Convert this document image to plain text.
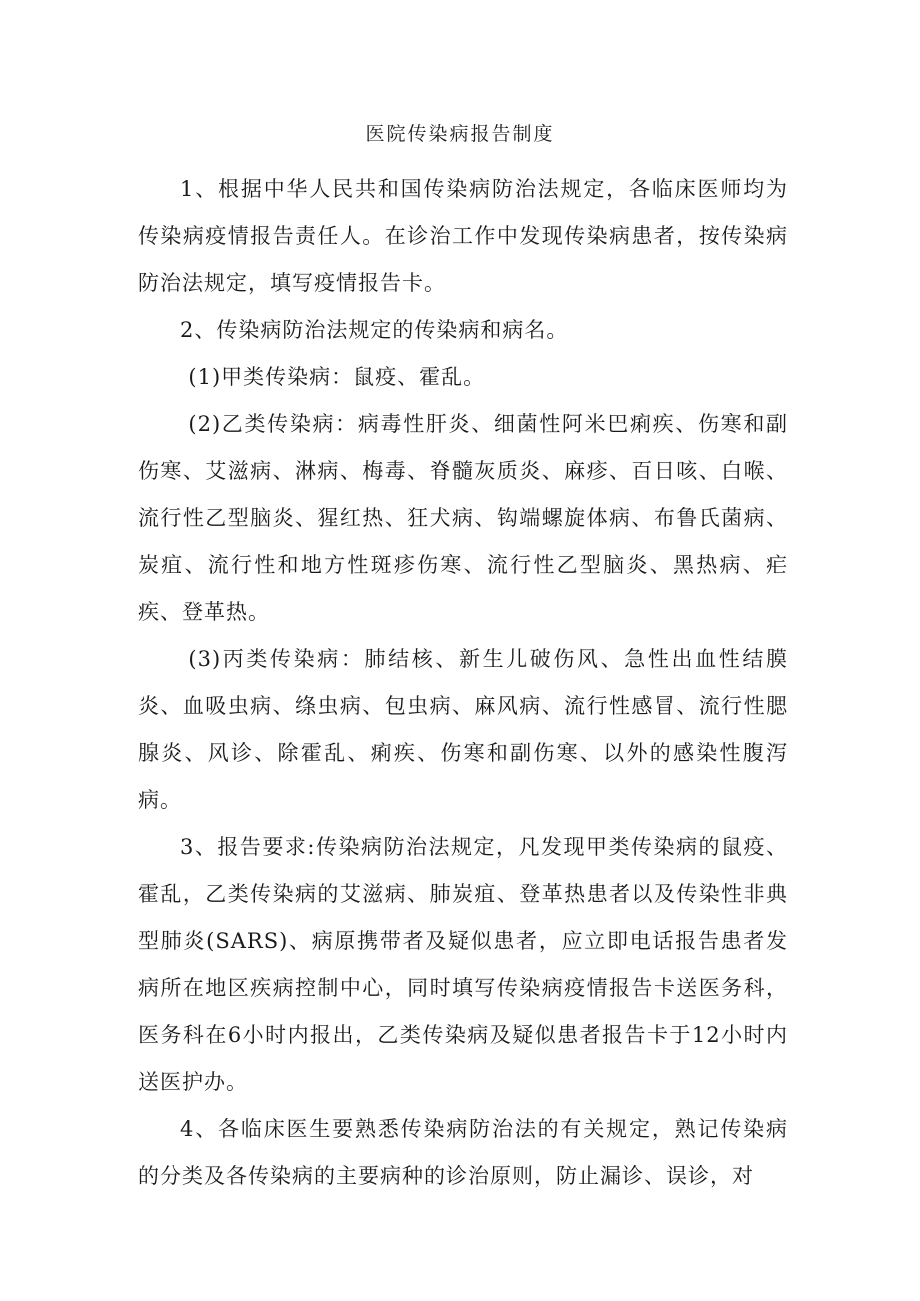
医院传染病报告制度

1、根据中华人民共和国传染病防治法规定，各临床医师均为传染病疫情报告责任人。在诊治工作中发现传染病患者，按传染病防治法规定，填写疫情报告卡。

2、传染病防治法规定的传染病和病名。

(1)甲类传染病：鼠疫、霍乱。

(2)乙类传染病：病毒性肝炎、细菌性阿米巴痢疾、伤寒和副伤寒、艾滋病、淋病、梅毒、脊髓灰质炎、麻疹、百日咳、白喉、流行性乙型脑炎、猩红热、狂犬病、钩端螺旋体病、布鲁氏菌病、炭疽、流行性和地方性斑疹伤寒、流行性乙型脑炎、黑热病、疟疾、登革热。

(3)丙类传染病：肺结核、新生儿破伤风、急性出血性结膜炎、血吸虫病、绦虫病、包虫病、麻风病、流行性感冒、流行性腮腺炎、风诊、除霍乱、痢疾、伤寒和副伤寒、以外的感染性腹泻病。

3、报告要求:传染病防治法规定，凡发现甲类传染病的鼠疫、霍乱，乙类传染病的艾滋病、肺炭疽、登革热患者以及传染性非典型肺炎(SARS)、病原携带者及疑似患者，应立即电话报告患者发病所在地区疾病控制中心，同时填写传染病疫情报告卡送医务科，医务科在6小时内报出，乙类传染病及疑似患者报告卡于12小时内送医护办。

4、各临床医生要熟悉传染病防治法的有关规定，熟记传染病的分类及各传染病的主要病种的诊治原则，防止漏诊、误诊，对
